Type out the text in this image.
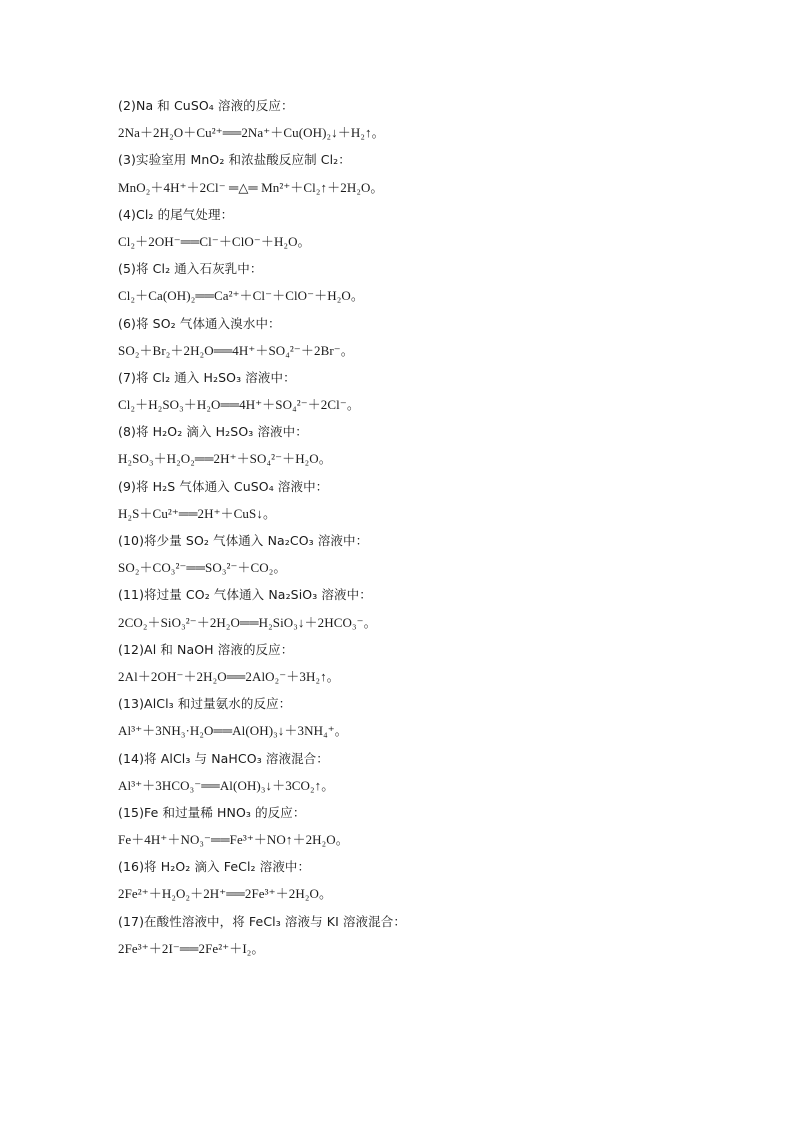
(2)Na 和 CuSO₄ 溶液的反应：
2Na＋2H₂O＋Cu²⁺══2Na⁺＋Cu(OH)₂↓＋H₂↑。
(3)实验室用 MnO₂ 和浓盐酸反应制 Cl₂：
MnO₂＋4H⁺＋2Cl⁻ ═△═ Mn²⁺＋Cl₂↑＋2H₂O。
(4)Cl₂ 的尾气处理：
Cl₂＋2OH⁻══Cl⁻＋ClO⁻＋H₂O。
(5)将 Cl₂ 通入石灰乳中：
Cl₂＋Ca(OH)₂══Ca²⁺＋Cl⁻＋ClO⁻＋H₂O。
(6)将 SO₂ 气体通入溴水中：
SO₂＋Br₂＋2H₂O══4H⁺＋SO₄²⁻＋2Br⁻。
(7)将 Cl₂ 通入 H₂SO₃ 溶液中：
Cl₂＋H₂SO₃＋H₂O══4H⁺＋SO₄²⁻＋2Cl⁻。
(8)将 H₂O₂ 滴入 H₂SO₃ 溶液中：
H₂SO₃＋H₂O₂══2H⁺＋SO₄²⁻＋H₂O。
(9)将 H₂S 气体通入 CuSO₄ 溶液中：
H₂S＋Cu²⁺══2H⁺＋CuS↓。
(10)将少量 SO₂ 气体通入 Na₂CO₃ 溶液中：
SO₂＋CO₃²⁻══SO₃²⁻＋CO₂。
(11)将过量 CO₂ 气体通入 Na₂SiO₃ 溶液中：
2CO₂＋SiO₃²⁻＋2H₂O══H₂SiO₃↓＋2HCO₃⁻。
(12)Al 和 NaOH 溶液的反应：
2Al＋2OH⁻＋2H₂O══2AlO₂⁻＋3H₂↑。
(13)AlCl₃ 和过量氨水的反应：
Al³⁺＋3NH₃·H₂O══Al(OH)₃↓＋3NH₄⁺。
(14)将 AlCl₃ 与 NaHCO₃ 溶液混合：
Al³⁺＋3HCO₃⁻══Al(OH)₃↓＋3CO₂↑。
(15)Fe 和过量稀 HNO₃ 的反应：
Fe＋4H⁺＋NO₃⁻══Fe³⁺＋NO↑＋2H₂O。
(16)将 H₂O₂ 滴入 FeCl₂ 溶液中：
2Fe²⁺＋H₂O₂＋2H⁺══2Fe³⁺＋2H₂O。
(17)在酸性溶液中，将 FeCl₃ 溶液与 KI 溶液混合：
2Fe³⁺＋2I⁻══2Fe²⁺＋I₂。
